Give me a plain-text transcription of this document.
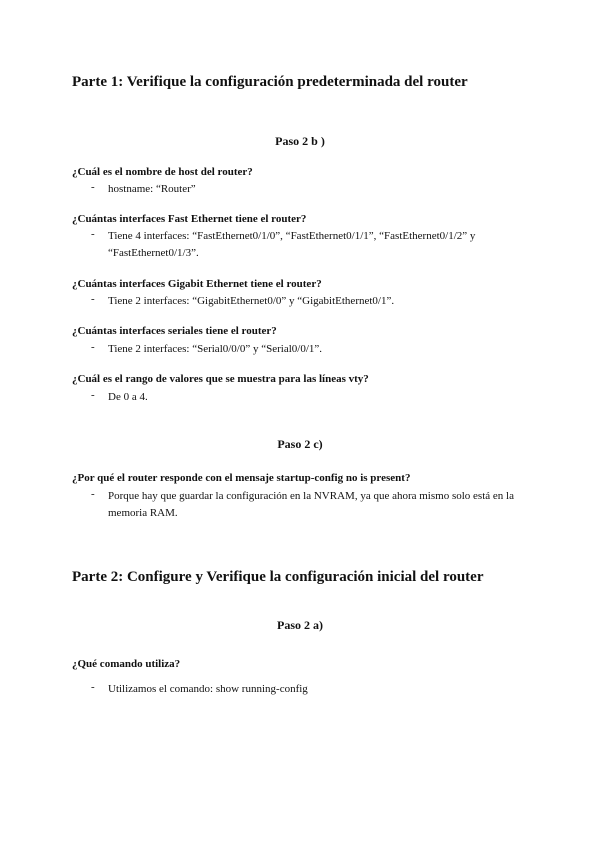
Parte 1: Verifique la configuración predeterminada del router
Paso 2 b )
¿Cuál es el nombre de host del router?
- hostname: “Router”
¿Cuántas interfaces Fast Ethernet tiene el router?
- Tiene 4 interfaces: “FastEthernet0/1/0”, “FastEthernet0/1/1”, “FastEthernet0/1/2” y “FastEthernet0/1/3”.
¿Cuántas interfaces Gigabit Ethernet tiene el router?
- Tiene 2 interfaces: “GigabitEthernet0/0” y “GigabitEthernet0/1”.
¿Cuántas interfaces seriales tiene el router?
- Tiene 2 interfaces: “Serial0/0/0” y “Serial0/0/1”.
¿Cuál es el rango de valores que se muestra para las líneas vty?
- De 0 a 4.
Paso 2 c)
¿Por qué el router responde con el mensaje startup-config no is present?
- Porque hay que guardar la configuración en la NVRAM, ya que ahora mismo solo está en la memoria RAM.
Parte 2: Configure y Verifique la configuración inicial del router
Paso 2 a)
¿Qué comando utiliza?
- Utilizamos el comando: show running-config
